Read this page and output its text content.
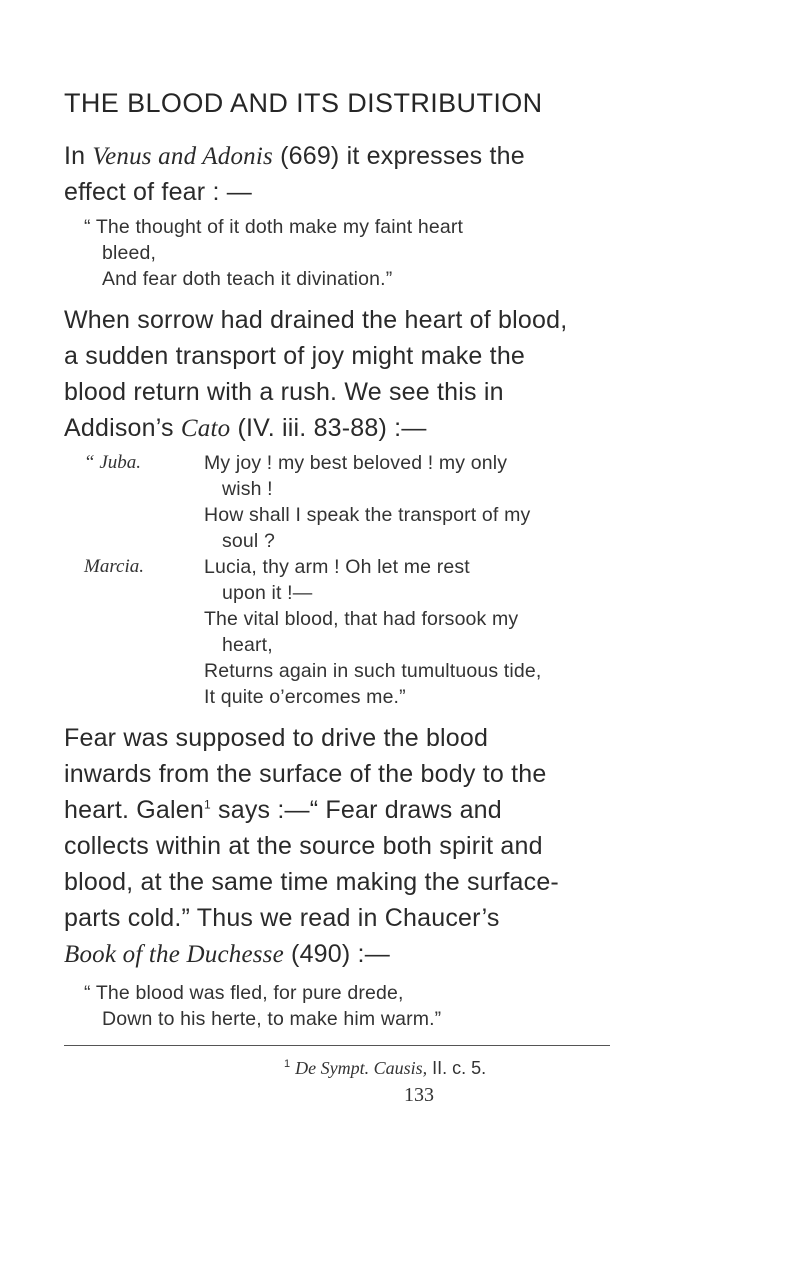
THE BLOOD AND ITS DISTRIBUTION
In Venus and Adonis (669) it expresses the
effect of fear : —
“ The thought of it doth make my faint heart
bleed,
And fear doth teach it divination.”
When sorrow had drained the heart of blood,
a sudden transport of joy might make the
blood return with a rush. We see this in
Addison’s Cato (IV. iii. 83-88) :—
“ Juba.	My joy ! my best beloved ! my only
wish !
How shall I speak the transport of my
soul ?
Marcia.	Lucia, thy arm ! Oh let me rest
upon it !—
The vital blood, that had forsook my
heart,
Returns again in such tumultuous tide,
It quite o’ercomes me.”
Fear was supposed to drive the blood
inwards from the surface of the body to the
heart. Galen$^1$ says :—“ Fear draws and
collects within at the source both spirit and
blood, at the same time making the surface-
parts cold.” Thus we read in Chaucer’s
Book of the Duchesse (490) :—
“ The blood was fled, for pure drede,
Down to his herte, to make him warm.”
$^1$ De Sympt. Causis, II. c. 5.
133
